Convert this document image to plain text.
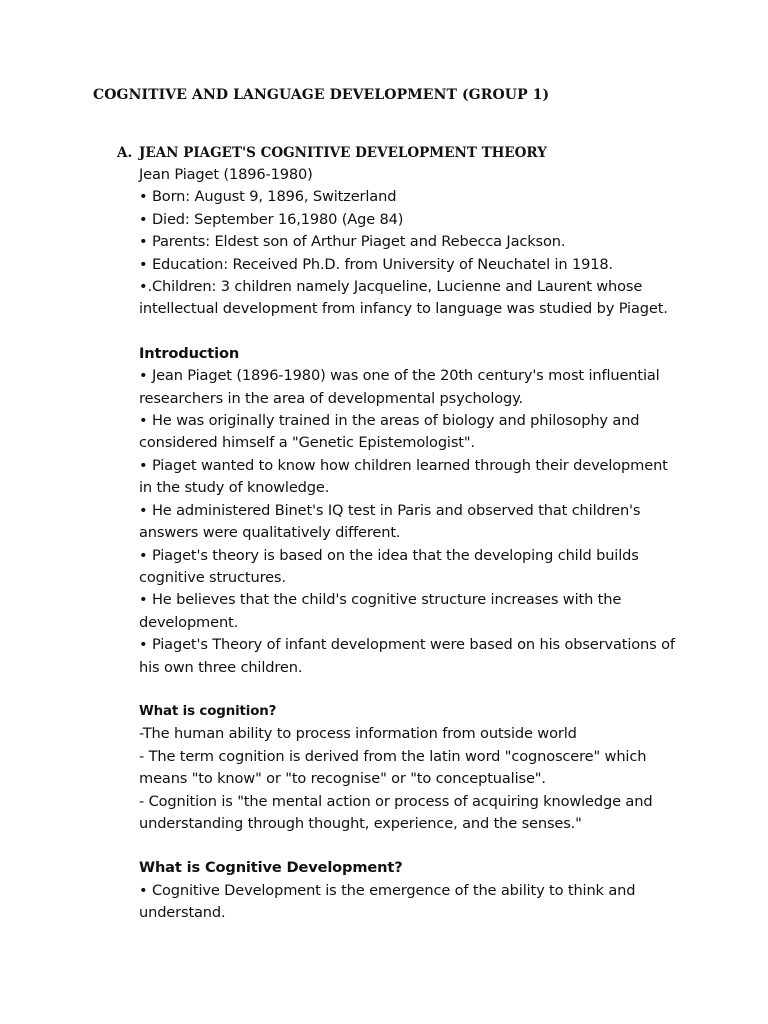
COGNITIVE AND LANGUAGE DEVELOPMENT (GROUP 1)
A. JEAN PIAGET'S COGNITIVE DEVELOPMENT THEORY

Jean Piaget (1896-1980)

• Born: August 9, 1896, Switzerland

• Died: September 16,1980 (Age 84)

• Parents: Eldest son of Arthur Piaget and Rebecca Jackson.

• Education: Received Ph.D. from University of Neuchatel in 1918.

•.Children: 3 children namely Jacqueline, Lucienne and Laurent whose intellectual development from infancy to language was studied by Piaget.

Introduction

• Jean Piaget (1896-1980) was one of the 20th century's most influential researchers in the area of developmental psychology.

• He was originally trained in the areas of biology and philosophy and considered himself a "Genetic Epistemologist".

• Piaget wanted to know how children learned through their development in the study of knowledge.

• He administered Binet's IQ test in Paris and observed that children's answers were qualitatively different.

• Piaget's theory is based on the idea that the developing child builds cognitive structures.

• He believes that the child's cognitive structure increases with the development.

• Piaget's Theory of infant development were based on his observations of his own three children.

What is cognition?

-The human ability to process information from outside world

- The term cognition is derived from the latin word "cognoscere" which means "to know" or "to recognise" or "to conceptualise".

- Cognition is "the mental action or process of acquiring knowledge and understanding through thought, experience, and the senses."

What is Cognitive Development?

• Cognitive Development is the emergence of the ability to think and understand.
